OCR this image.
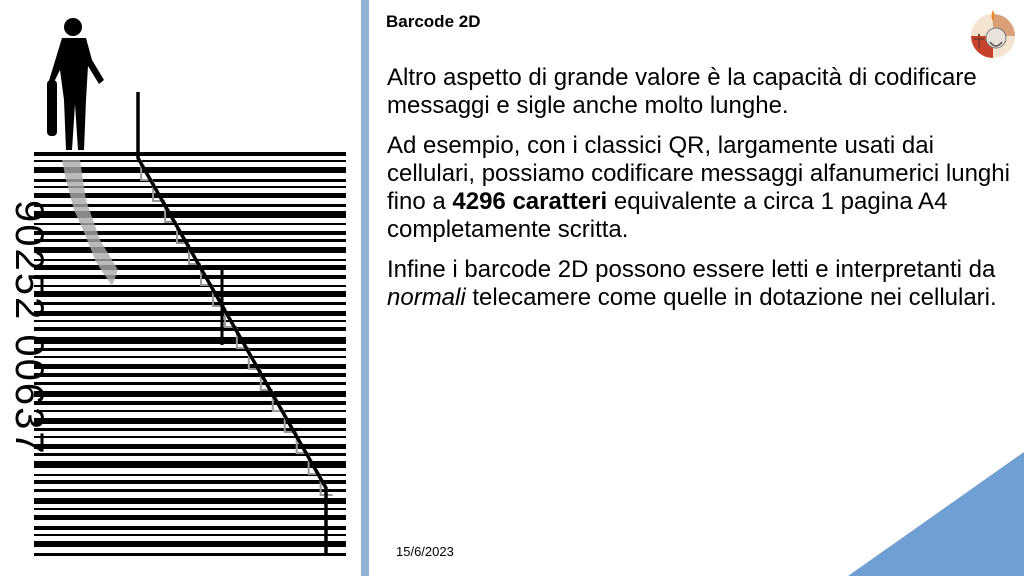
90252 00637
Barcode 2D

Altro aspetto di grande valore è la capacità di codificare messaggi e sigle anche molto lunghe.

Ad esempio, con i classici QR, largamente usati dai cellulari, possiamo codificare messaggi alfanumerici lunghi fino a 4296 caratteri equivalente a circa 1 pagina A4 completamente scritta.

Infine i barcode 2D possono essere letti e interpretanti da normali telecamere come quelle in dotazione nei cellulari.

15/6/2023
